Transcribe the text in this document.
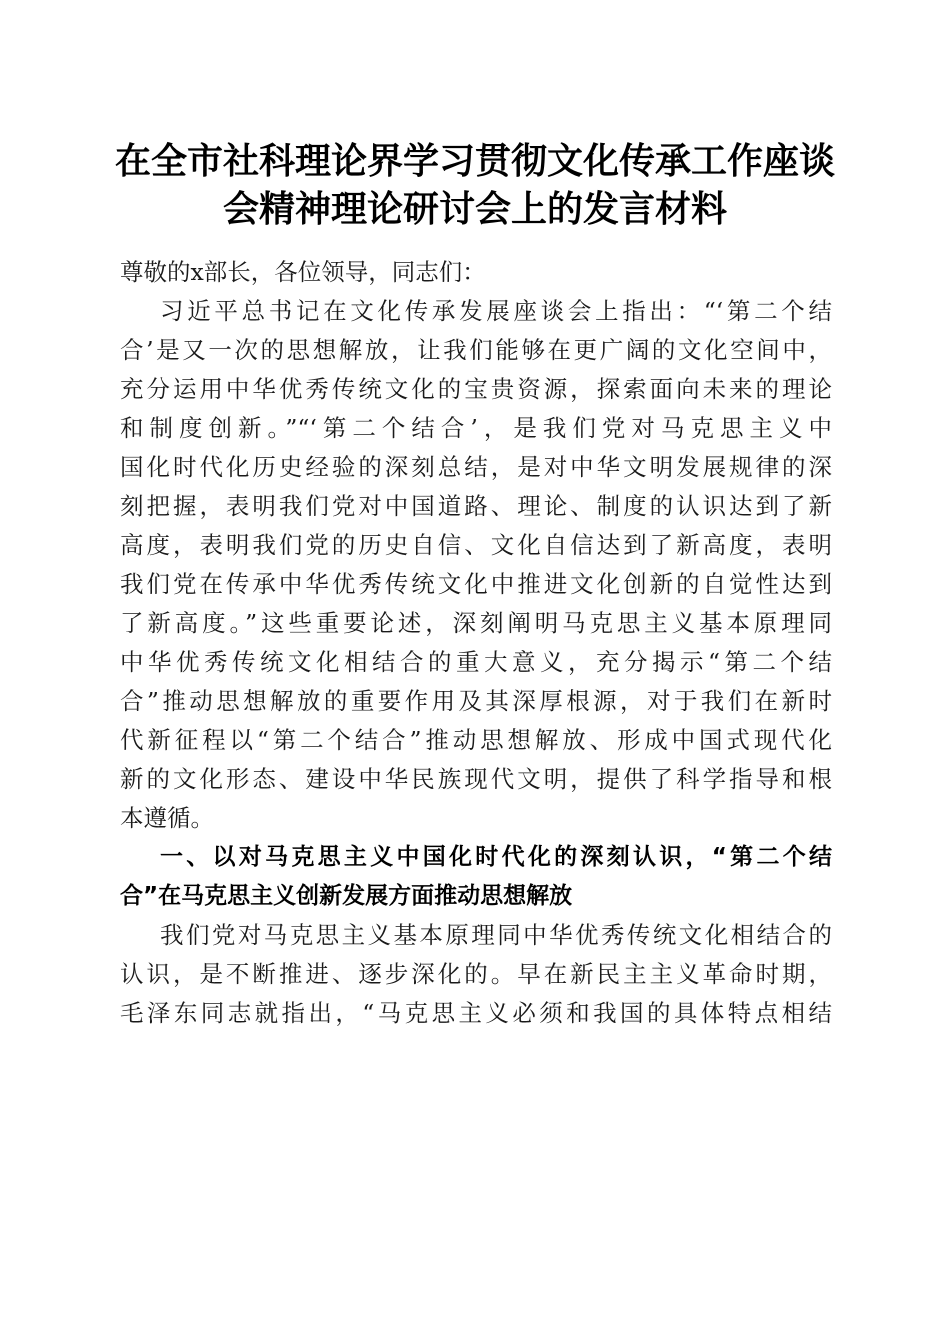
在全市社科理论界学习贯彻文化传承工作座谈
会精神理论研讨会上的发言材料
尊敬的x部长，各位领导，同志们：
习近平总书记在文化传承发展座谈会上指出：“‘第二个结
合’是又一次的思想解放，让我们能够在更广阔的文化空间中，
充分运用中华优秀传统文化的宝贵资源，探索面向未来的理论
和制度创新。”“‘第二个结合’，是我们党对马克思主义中
国化时代化历史经验的深刻总结，是对中华文明发展规律的深
刻把握，表明我们党对中国道路、理论、制度的认识达到了新
高度，表明我们党的历史自信、文化自信达到了新高度，表明
我们党在传承中华优秀传统文化中推进文化创新的自觉性达到
了新高度。”这些重要论述，深刻阐明马克思主义基本原理同
中华优秀传统文化相结合的重大意义，充分揭示“第二个结
合”推动思想解放的重要作用及其深厚根源，对于我们在新时
代新征程以“第二个结合”推动思想解放、形成中国式现代化
新的文化形态、建设中华民族现代文明，提供了科学指导和根
本遵循。
一、以对马克思主义中国化时代化的深刻认识，“第二个结
合”在马克思主义创新发展方面推动思想解放
我们党对马克思主义基本原理同中华优秀传统文化相结合的
认识，是不断推进、逐步深化的。早在新民主主义革命时期，
毛泽东同志就指出，“马克思主义必须和我国的具体特点相结
